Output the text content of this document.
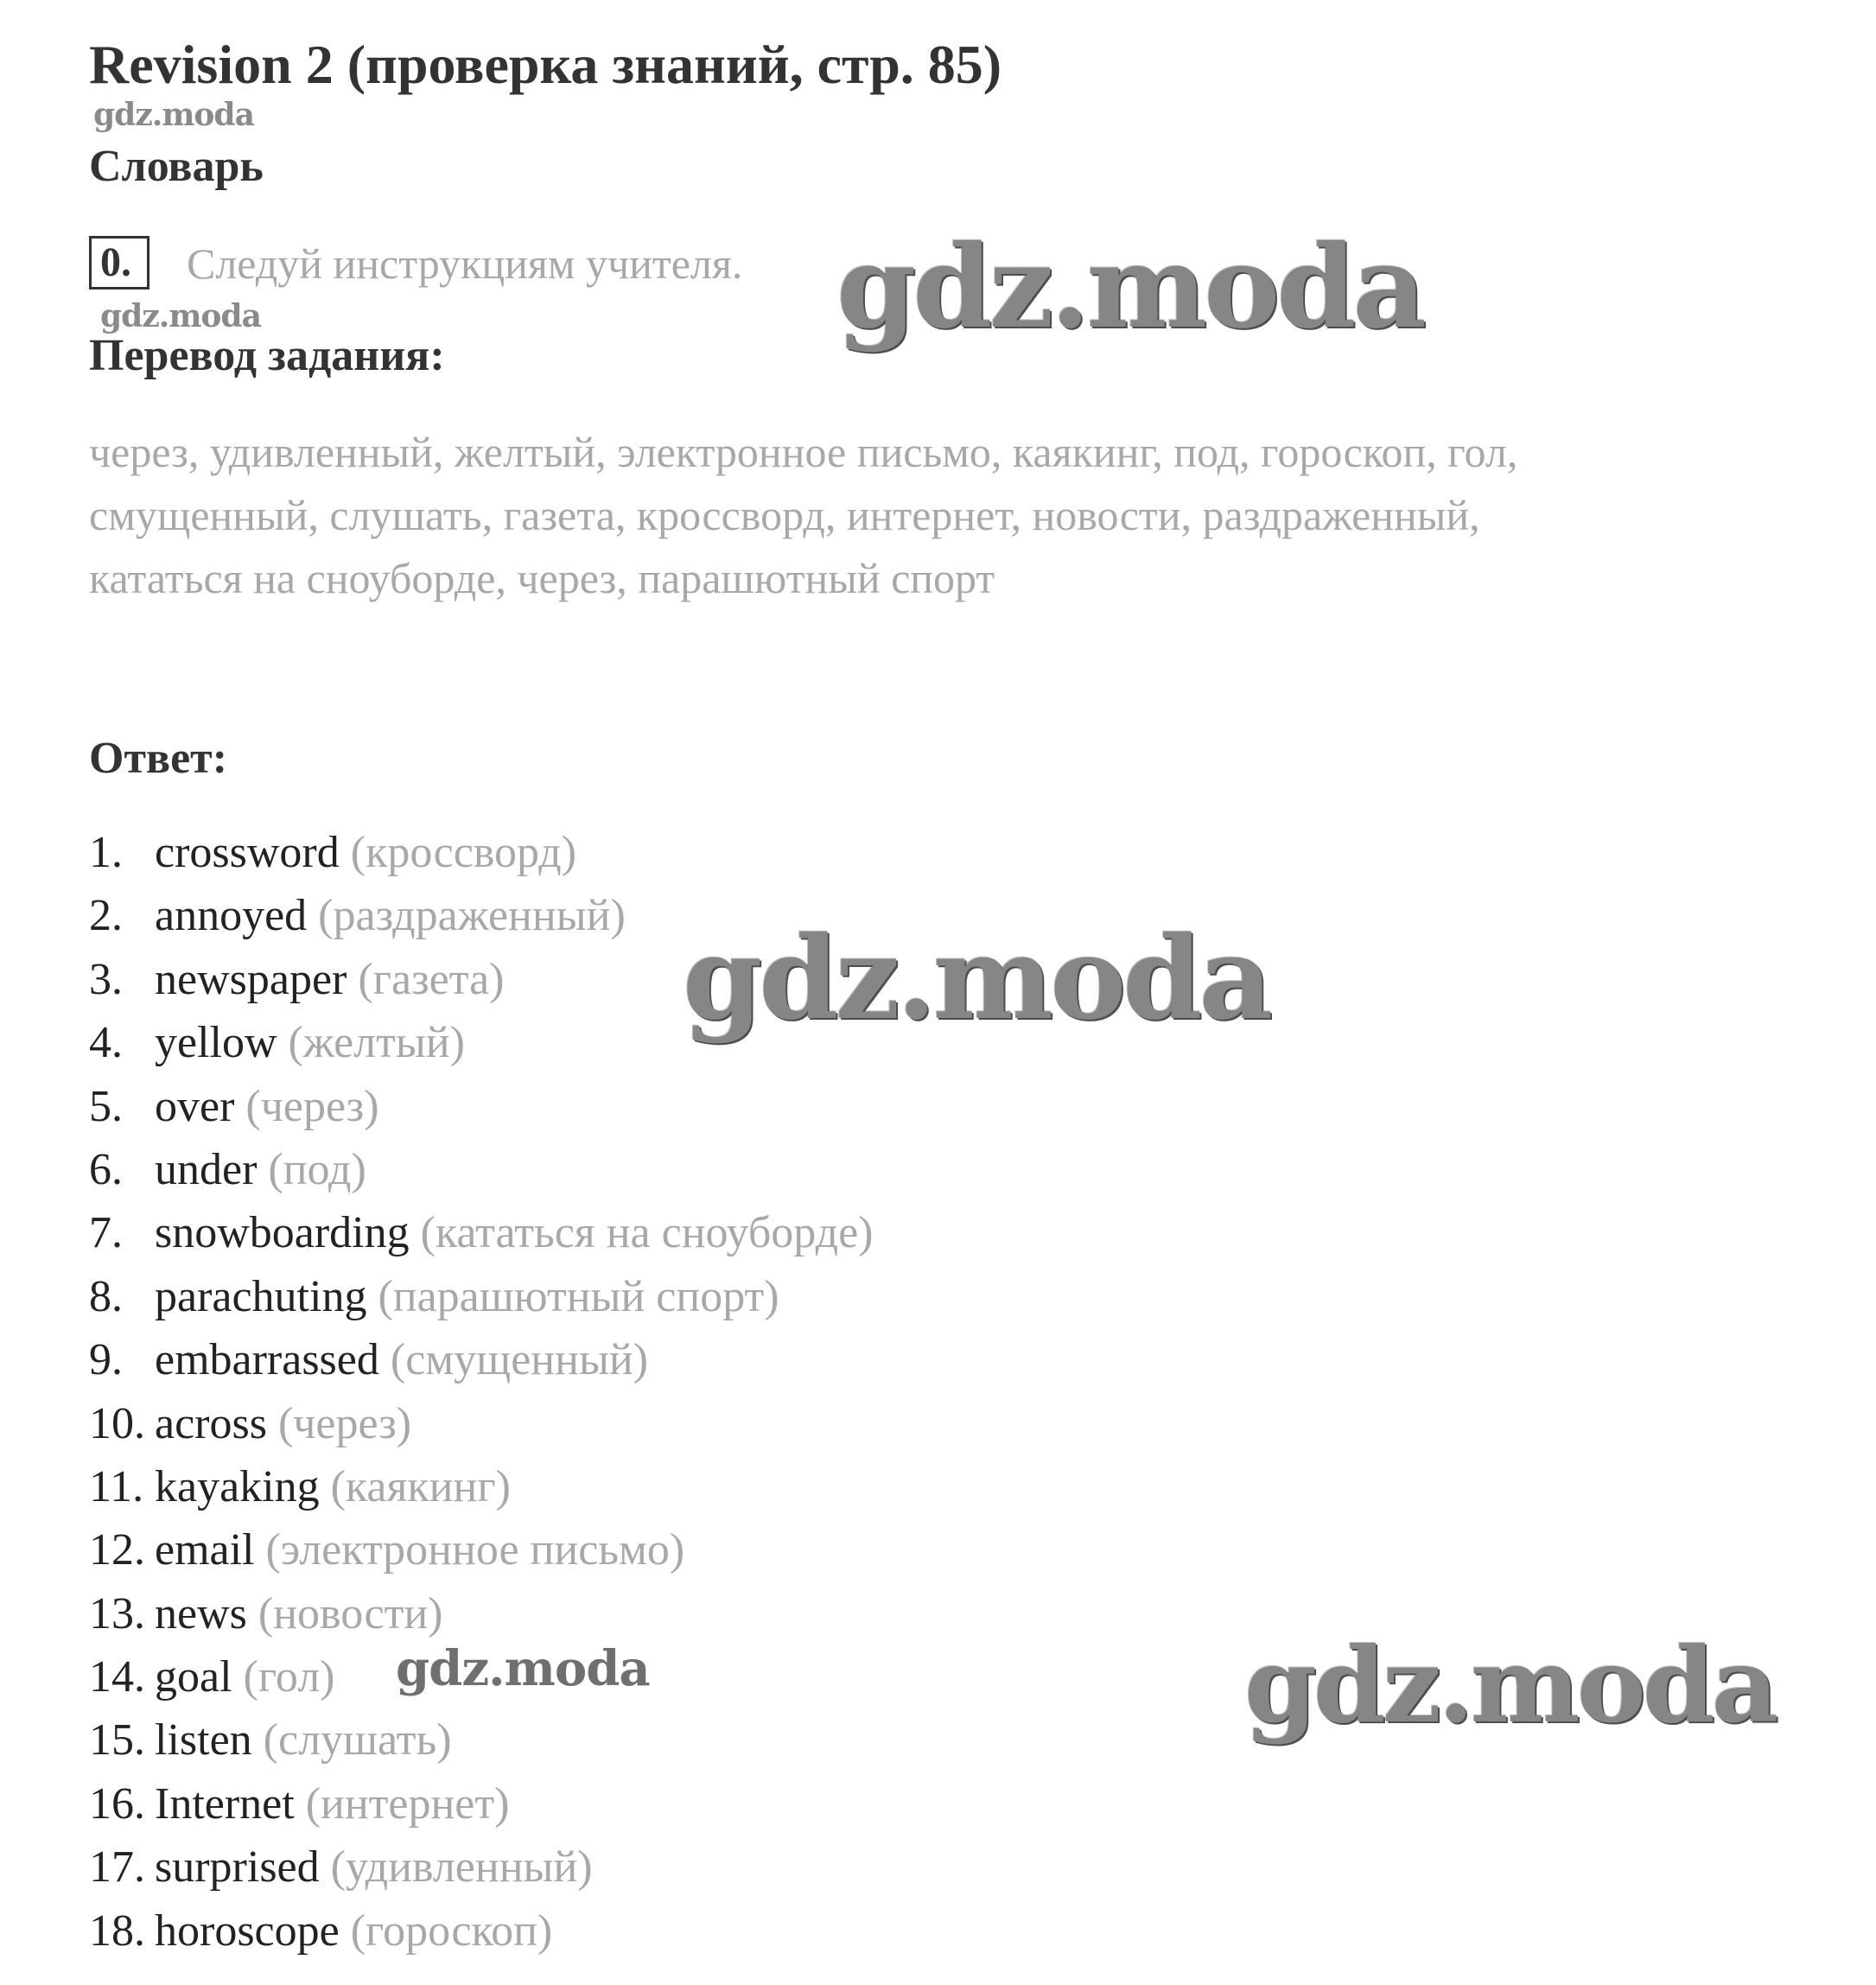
Revision 2 (проверка знаний, стр. 85)
gdz.moda
Словарь
0.	Следуй инструкциям учителя. gdz.moda
gdz.moda
Перевод задания:
через, удивленный, желтый, электронное письмо, каякинг, под, гороскоп, гол,
смущенный, слушать, газета, кроссворд, интернет, новости, раздраженный,
кататься на сноуборде, через, парашютный спорт
Ответ:
1. crossword (кроссворд)
2. annoyed (раздраженный)
3. newspaper (газета)
4. yellow (желтый)
5. over (через)
6. under (под)
7. snowboarding (кататься на сноуборде)
8. parachuting (парашютный спорт)
9. embarrassed (смущенный)
10. across (через)
11. kayaking (каякинг)
12. email (электронное письмо)
13. news (новости)
14. goal (гол)
15. listen (слушать)
16. Internet (интернет)
17. surprised (удивленный)
18. horoscope (гороскоп)
gdz.moda
gdz.moda	gdz.moda
